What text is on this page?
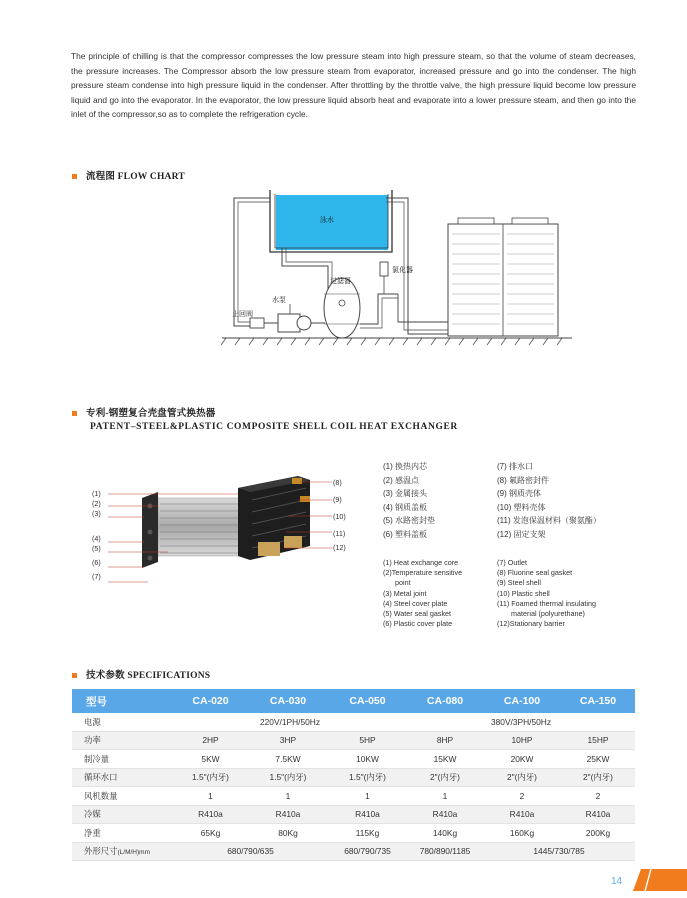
The principle of chilling is that the compressor compresses the low pressure steam into high pressure steam, so that the volume of steam decreases, the pressure increases. The Compressor absorb the low pressure steam from evaporator, increased pressure and go into the condenser. The high pressure steam condense into high pressure liquid in the condenser. After throttling by the throttle valve, the high pressure liquid become low pressure liquid and go into the evaporator. In the evaporator, the low pressure liquid absorb heat and evaporate into a lower pressure steam, and then go into the inlet of the compressor,so as to complete the refrigeration cycle.

流程图 FLOW CHART
泳水
止回阀
水泵
过滤器
氯化器
专利-钢塑复合壳盘管式换热器
PATENT–STEEL&PLASTIC COMPOSITE SHELL COIL HEAT EXCHANGER
(1)
(2)
(3)
(4)
(5)
(6)
(7)
(8)
(9)
(10)
(11)
(12)
(1) 换热内芯
(2) 感温点
(3) 金属接头
(4) 钢质盖板
(5) 水路密封垫
(6) 塑料盖板
(7) 排水口
(8) 氟路密封件
(9) 钢质壳体
(10) 塑料壳体
(11) 发泡保温材料（聚氨酯）
(12) 固定支架
(1) Heat exchange core
(2)Temperature sensitive
point
(3) Metal joint
(4) Steel cover plate
(5) Water seal gasket
(6) Plastic cover plate
(7) Outlet
(8) Fluorine seal gasket
(9) Steel shell
(10) Plastic shell
(11) Foamed thermal insulating
material (polyurethane)
(12)Stationary barrier
技术参数 SPECIFICATIONS
型号	CA-020	CA-030	CA-050	CA-080	CA-100	CA-150
电源	220V/1PH/50Hz			380V/3PH/50Hz		
功率	2HP	3HP	5HP	8HP	10HP	15HP
制冷量	5KW	7.5KW	10KW	15KW	20KW	25KW
循环水口	1.5"(内牙)	1.5"(内牙)	1.5"(内牙)	2"(内牙)	2"(内牙)	2"(内牙)
风机数量	1	1	1	1	2	2
冷媒	R410a	R410a	R410a	R410a	R410a	R410a
净重	65Kg	80Kg	115Kg	140Kg	160Kg	200Kg
外形尺寸(L/M/H)mm	680/790/635		680/790/735	780/890/1185	1445/730/785	
14
